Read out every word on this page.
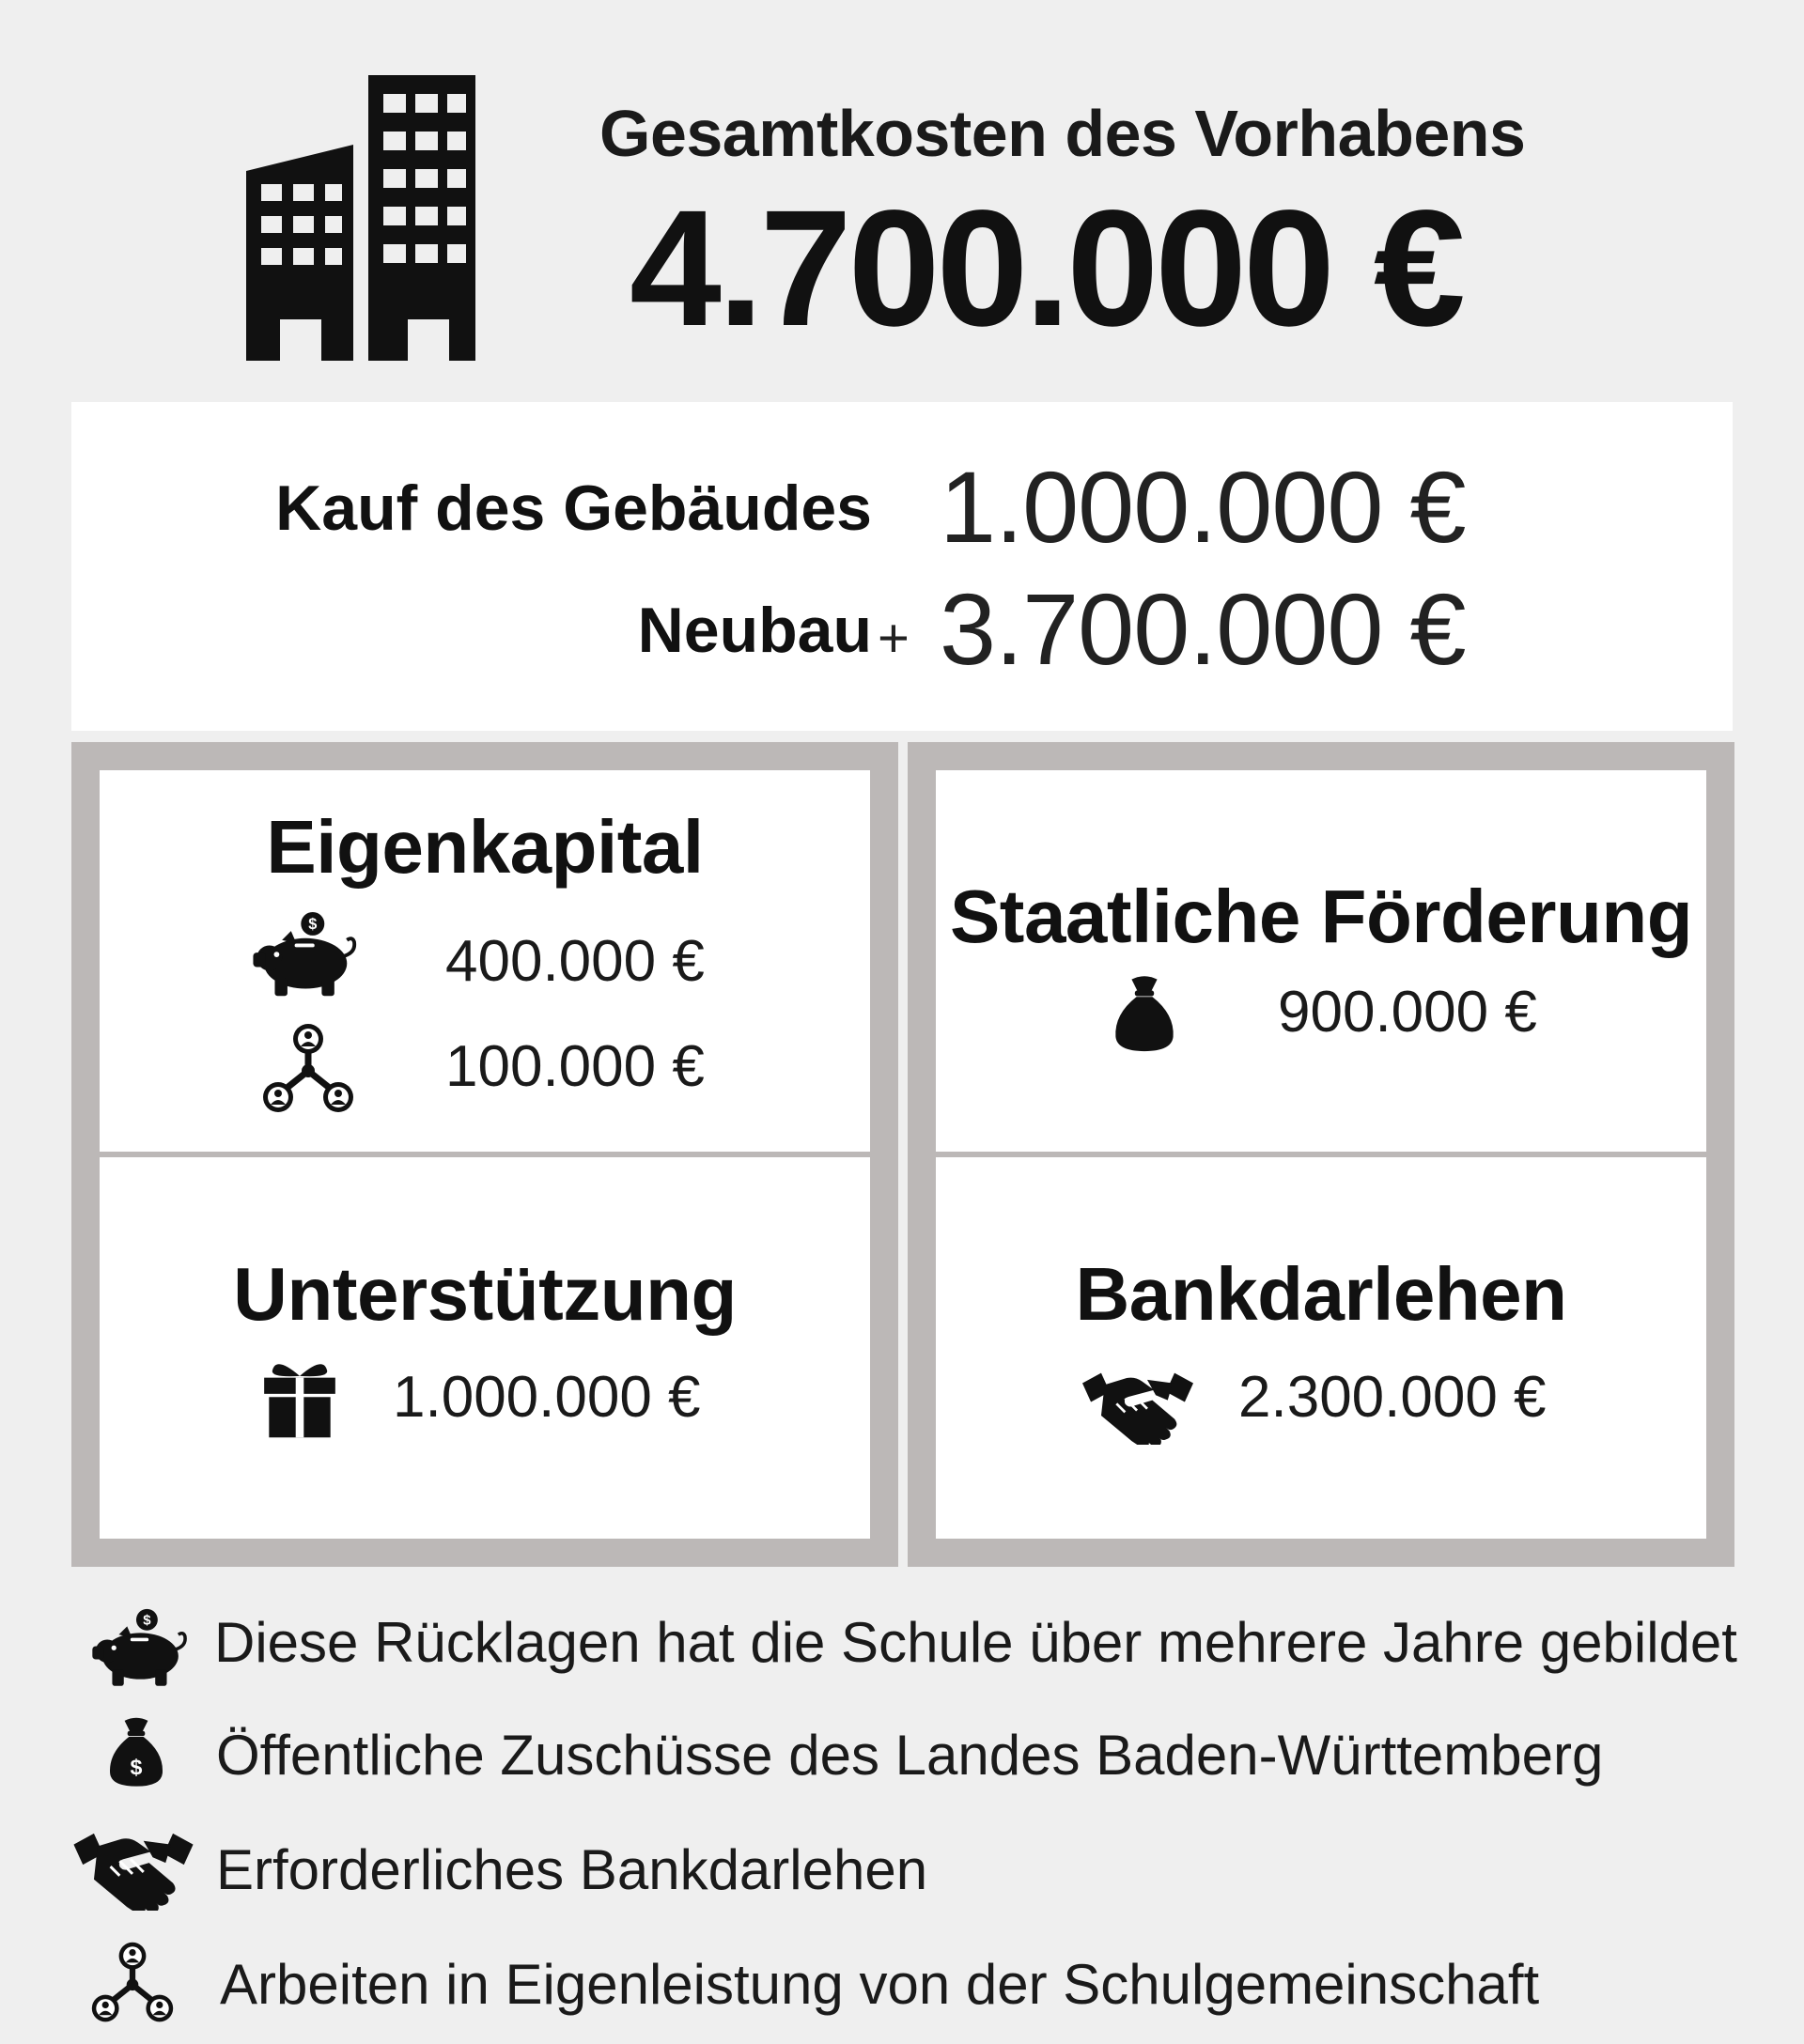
Gesamtkosten des Vorhabens
4.700.000 €
Kauf des Gebäudes 1.000.000 €
Neubau + 3.700.000 €
Eigenkapital
400.000 €
100.000 €
Unterstützung
1.000.000 €
Staatliche Förderung
900.000 €
Bankdarlehen
2.300.000 €
Diese Rücklagen hat die Schule über mehrere Jahre gebildet
Öffentliche Zuschüsse des Landes Baden-Württemberg
Erforderliches Bankdarlehen
Arbeiten in Eigenleistung von der Schulgemeinschaft
